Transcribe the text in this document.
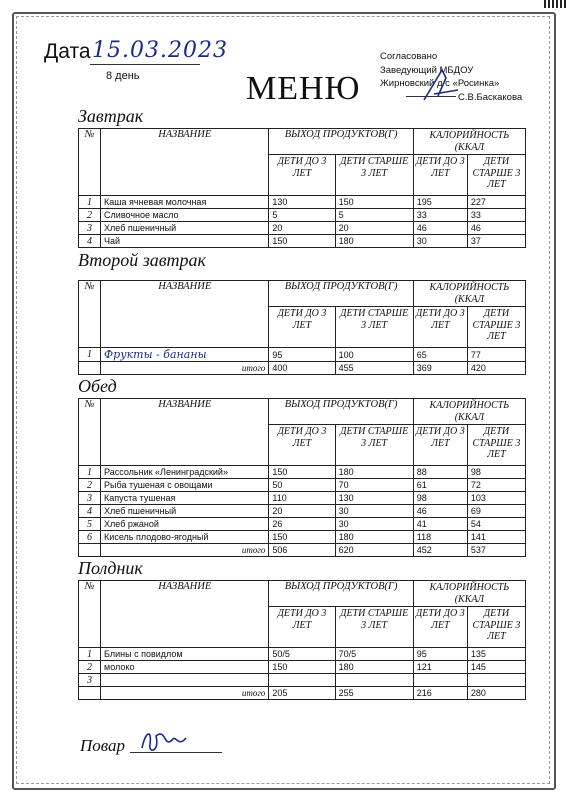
Дата 15.03.2023
8 день	МЕНЮ
Согласовано
Заведующий МБДОУ
Жирновский д/с «Росинка»
С.В.Баскакова
Завтрак
№	НАЗВАНИЕ	ВЫХОД ПРОДУКТОВ(Г)		КАЛОРИЙНОСТЬ (ККАЛ	
		ДЕТИ ДО 3 ЛЕТ	ДЕТИ СТАРШЕ 3 ЛЕТ	ДЕТИ ДО 3 ЛЕТ	ДЕТИ СТАРШЕ 3 ЛЕТ
1	Каша ячневая молочная	130	150	195	227
2	Сливочное масло	5	5	33	33
3	Хлеб пшеничный	20	20	46	46
4	Чай	150	180	30	37
Второй завтрак
№	НАЗВАНИЕ	ВЫХОД ПРОДУКТОВ(Г)		КАЛОРИЙНОСТЬ (ККАЛ	
		ДЕТИ ДО 3 ЛЕТ	ДЕТИ СТАРШЕ 3 ЛЕТ	ДЕТИ ДО 3 ЛЕТ	ДЕТИ СТАРШЕ 3 ЛЕТ
1	Фрукты - бананы	95	100	65	77
	итого	400	455	369	420
Обед
№	НАЗВАНИЕ	ВЫХОД ПРОДУКТОВ(Г)		КАЛОРИЙНОСТЬ (ККАЛ	
		ДЕТИ ДО 3 ЛЕТ	ДЕТИ СТАРШЕ 3 ЛЕТ	ДЕТИ ДО 3 ЛЕТ	ДЕТИ СТАРШЕ 3 ЛЕТ
1	Рассольник «Ленинградский»	150	180	88	98
2	Рыба тушеная с овощами	50	70	61	72
3	Капуста тушеная	110	130	98	103
4	Хлеб пшеничный	20	30	46	69
5	Хлеб ржаной	26	30	41	54
6	Кисель плодово-ягодный	150	180	118	141
	итого	506	620	452	537
Полдник
№	НАЗВАНИЕ	ВЫХОД ПРОДУКТОВ(Г)		КАЛОРИЙНОСТЬ (ККАЛ	
		ДЕТИ ДО 3 ЛЕТ	ДЕТИ СТАРШЕ 3 ЛЕТ	ДЕТИ ДО 3 ЛЕТ	ДЕТИ СТАРШЕ 3 ЛЕТ
1	Блины с повидлом	50/5	70/5	95	135
2	молоко	150	180	121	145
3					
	итого	205	255	216	280
Повар
